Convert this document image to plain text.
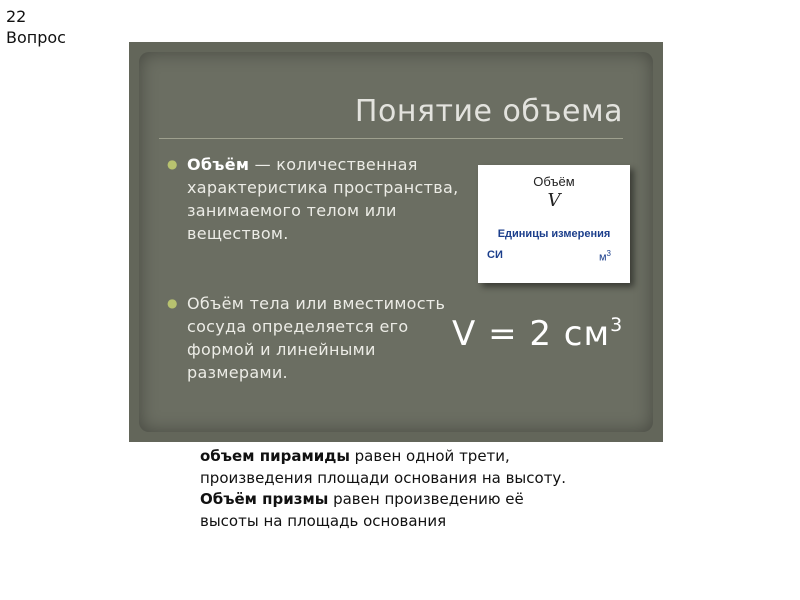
22
Вопрос
Понятие объема
● Объём — количественная характеристика пространства, занимаемого телом или веществом.
● Объём тела или вместимость сосуда определяется его формой и линейными размерами.
Объём
V
Единицы измерения
СИ	$м^3$
V = 2 $см^3$
объем пирамиды равен одной трети, произведения площади основания на высоту. Объём призмы равен произведению её высоты на площадь основания
